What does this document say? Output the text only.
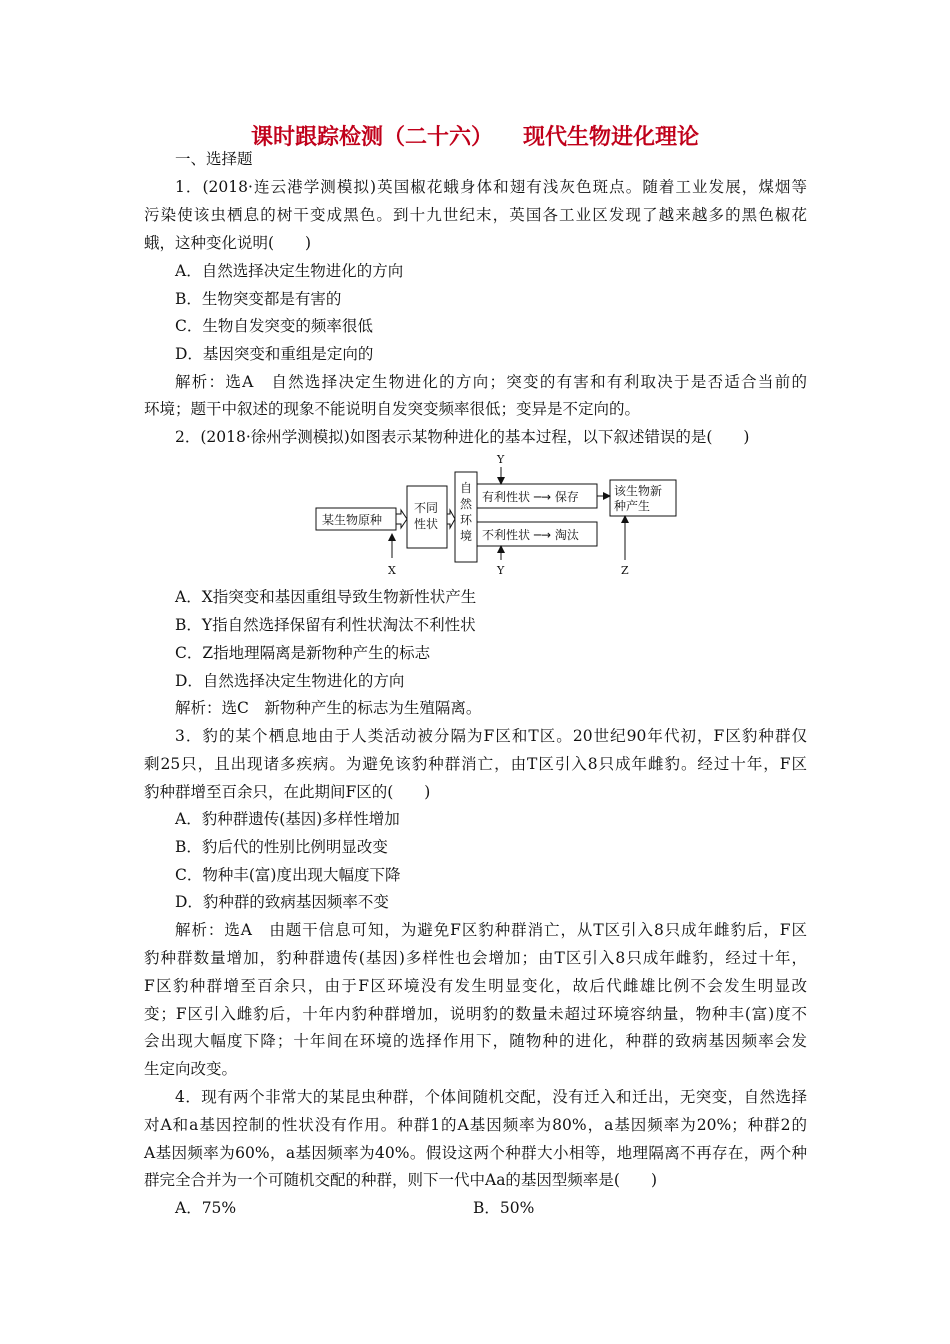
课时跟踪检测（二十六） 现代生物进化理论
一、选择题
1．(2018·连云港学测模拟)英国椒花蛾身体和翅有浅灰色斑点。随着工业发展，煤烟等
污染使该虫栖息的树干变成黑色。到十九世纪末，英国各工业区发现了越来越多的黑色椒花
蛾，这种变化说明(　　)
A．自然选择决定生物进化的方向
B．生物突变都是有害的
C．生物自发突变的频率很低
D．基因突变和重组是定向的
解析：选A　自然选择决定生物进化的方向；突变的有害和有利取决于是否适合当前的
环境；题干中叙述的现象不能说明自发突变频率很低；变异是不定向的。
2．(2018·徐州学测模拟)如图表示某物种进化的基本过程，以下叙述错误的是(　　)
某生物原种
不同
性状
自
然
环
境
有利性状 ─→ 保存
不利性状 ─→ 淘汰
该生物新
种产生
Y
X	Y	Z
A．X指突变和基因重组导致生物新性状产生
B．Y指自然选择保留有利性状淘汰不利性状
C．Z指地理隔离是新物种产生的标志
D．自然选择决定生物进化的方向
解析：选C　新物种产生的标志为生殖隔离。
3．豹的某个栖息地由于人类活动被分隔为F区和T区。20世纪90年代初，F区豹种群仅
剩25只，且出现诸多疾病。为避免该豹种群消亡，由T区引入8只成年雌豹。经过十年，F区
豹种群增至百余只，在此期间F区的(　　)
A．豹种群遗传(基因)多样性增加
B．豹后代的性别比例明显改变
C．物种丰(富)度出现大幅度下降
D．豹种群的致病基因频率不变
解析：选A　由题干信息可知，为避免F区豹种群消亡，从T区引入8只成年雌豹后，F区
豹种群数量增加，豹种群遗传(基因)多样性也会增加；由T区引入8只成年雌豹，经过十年，
F区豹种群增至百余只，由于F区环境没有发生明显变化，故后代雌雄比例不会发生明显改
变；F区引入雌豹后，十年内豹种群增加，说明豹的数量未超过环境容纳量，物种丰(富)度不
会出现大幅度下降；十年间在环境的选择作用下，随物种的进化，种群的致病基因频率会发
生定向改变。
4．现有两个非常大的某昆虫种群，个体间随机交配，没有迁入和迁出，无突变，自然选择
对A和a基因控制的性状没有作用。种群1的A基因频率为80%，a基因频率为20%；种群2的
A基因频率为60%，a基因频率为40%。假设这两个种群大小相等，地理隔离不再存在，两个种
群完全合并为一个可随机交配的种群，则下一代中Aa的基因型频率是(　　)
A．75%	B．50%
